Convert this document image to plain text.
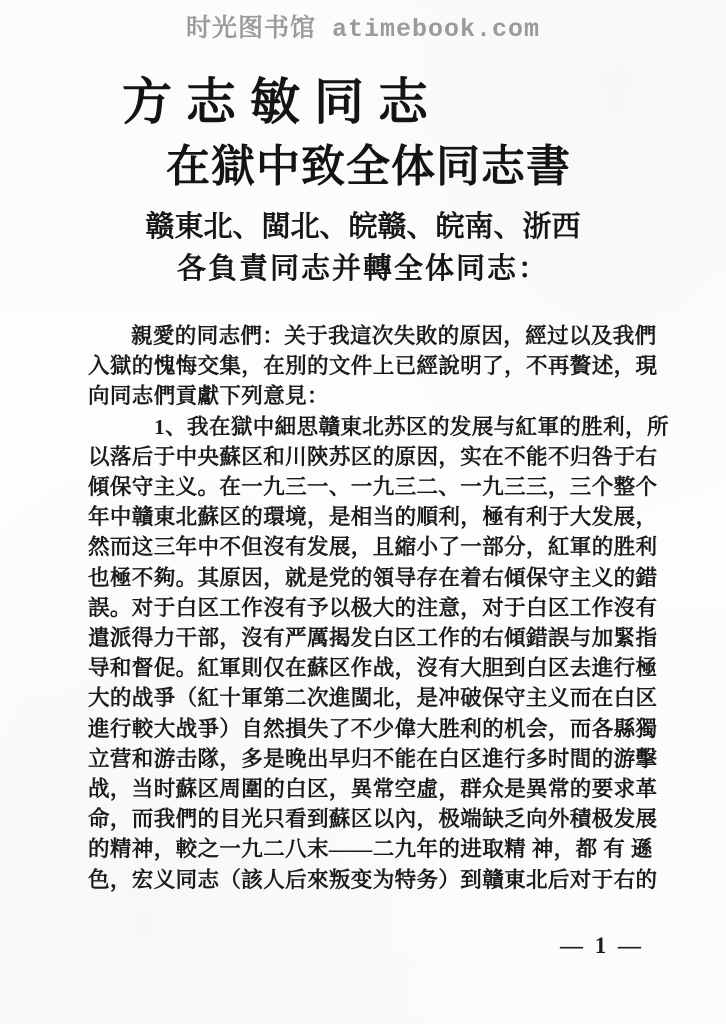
时光图书馆 atimebook.com
方志敏同志
在獄中致全体同志書
赣東北、閩北、皖赣、皖南、浙西
各負責同志并轉全体同志：
親愛的同志們：关于我這次失敗的原因，經过以及我們
入獄的愧悔交集，在別的文件上已經說明了，不再贅述，現
向同志們貢獻下列意見：
1、我在獄中細思贛東北苏区的发展与紅軍的胜利，所
以落后于中央蘇区和川陝苏区的原因，实在不能不归咎于右
傾保守主义。在一九三一、一九三二、一九三三，三个整个
年中贛東北蘇区的環境，是相当的順利，極有利于大发展，
然而这三年中不但沒有发展，且縮小了一部分，紅軍的胜利
也極不夠。其原因，就是党的領导存在着右傾保守主义的錯
誤。对于白区工作沒有予以极大的注意，对于白区工作沒有
遣派得力干部，沒有严厲揭发白区工作的右傾錯誤与加緊指
导和督促。紅軍則仅在蘇区作战，沒有大胆到白区去進行極
大的战爭（紅十軍第二次進閩北，是冲破保守主义而在白区
進行較大战爭）自然損失了不少偉大胜利的机会，而各縣獨
立营和游击隊，多是晚出早归不能在白区進行多时間的游擊
战，当时蘇区周圍的白区，異常空虛，群众是異常的要求革
命，而我們的目光只看到蘇区以內，极端缺乏向外積极发展
的精神，較之一九二八末——二九年的进取精 神，都 有 遜
色，宏义同志（該人后來叛变为特务）到贛東北后对于右的
— 1 —
